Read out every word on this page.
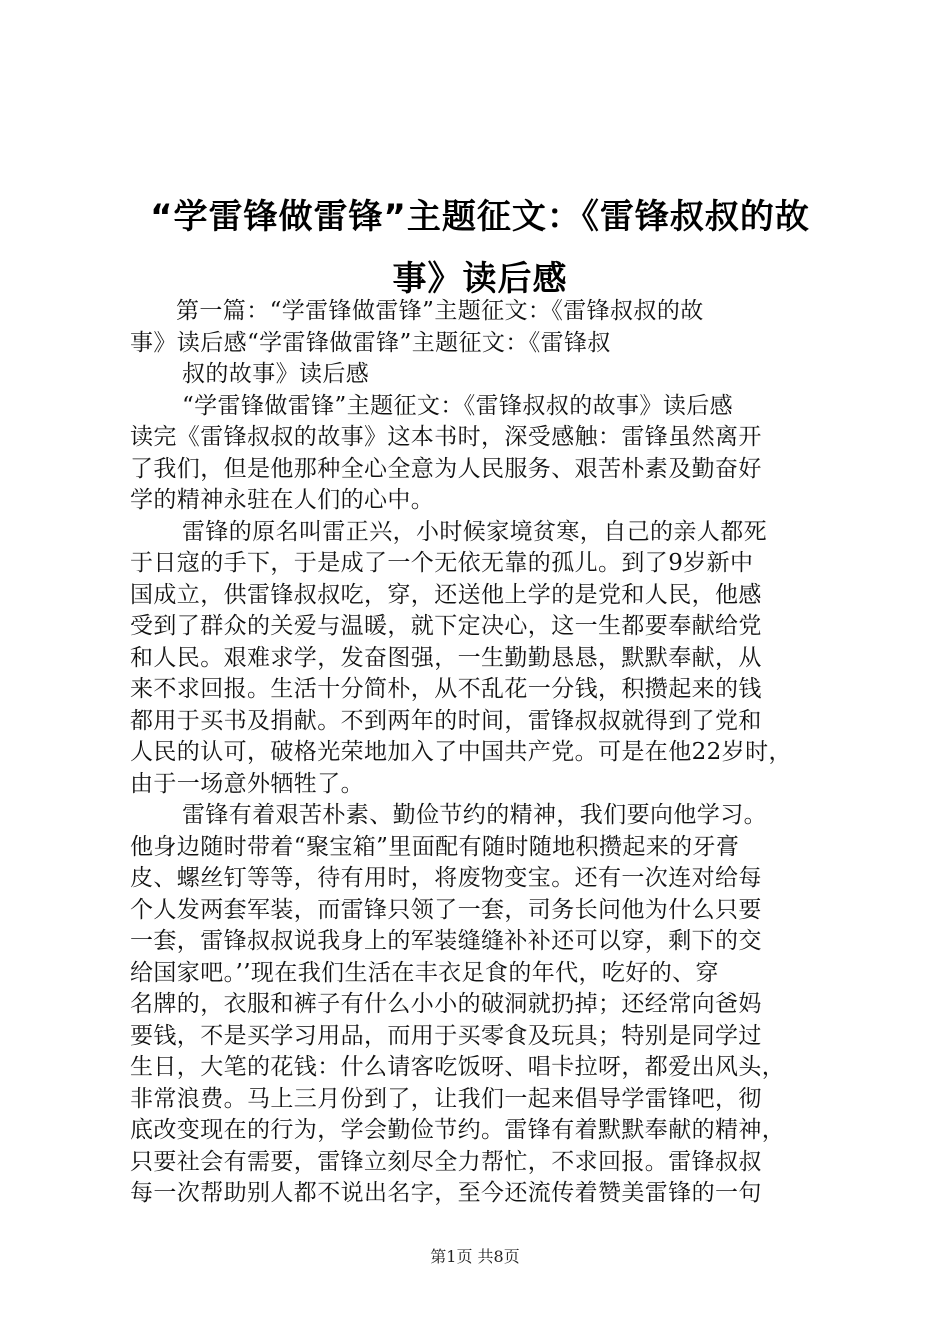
“学雷锋做雷锋”主题征文：《雷锋叔叔的故
事》读后感
第一篇：“学雷锋做雷锋”主题征文：《雷锋叔叔的故
事》读后感“学雷锋做雷锋”主题征文：《雷锋叔
叔的故事》读后感
“学雷锋做雷锋”主题征文：《雷锋叔叔的故事》读后感
读完《雷锋叔叔的故事》这本书时，深受感触：雷锋虽然离开
了我们，但是他那种全心全意为人民服务、艰苦朴素及勤奋好
学的精神永驻在人们的心中。
雷锋的原名叫雷正兴，小时候家境贫寒，自己的亲人都死
于日寇的手下，于是成了一个无依无靠的孤儿。到了9岁新中
国成立，供雷锋叔叔吃，穿，还送他上学的是党和人民，他感
受到了群众的关爱与温暖，就下定决心，这一生都要奉献给党
和人民。艰难求学，发奋图强，一生勤勤恳恳，默默奉献，从
来不求回报。生活十分简朴，从不乱花一分钱，积攒起来的钱
都用于买书及捐献。不到两年的时间，雷锋叔叔就得到了党和
人民的认可，破格光荣地加入了中国共产党。可是在他22岁时，
由于一场意外牺牲了。
雷锋有着艰苦朴素、勤俭节约的精神，我们要向他学习。
他身边随时带着“聚宝箱”里面配有随时随地积攒起来的牙膏
皮、螺丝钉等等，待有用时，将废物变宝。还有一次连对给每
个人发两套军装，而雷锋只领了一套，司务长问他为什么只要
一套，雷锋叔叔说我身上的军装缝缝补补还可以穿，剩下的交
给国家吧。’’现在我们生活在丰衣足食的年代，吃好的、穿
名牌的，衣服和裤子有什么小小的破洞就扔掉；还经常向爸妈
要钱，不是买学习用品，而用于买零食及玩具；特别是同学过
生日，大笔的花钱：什么请客吃饭呀、唱卡拉呀，都爱出风头，
非常浪费。马上三月份到了，让我们一起来倡导学雷锋吧，彻
底改变现在的行为，学会勤俭节约。雷锋有着默默奉献的精神，
只要社会有需要，雷锋立刻尽全力帮忙，不求回报。雷锋叔叔
每一次帮助别人都不说出名字，至今还流传着赞美雷锋的一句
第1页 共8页
